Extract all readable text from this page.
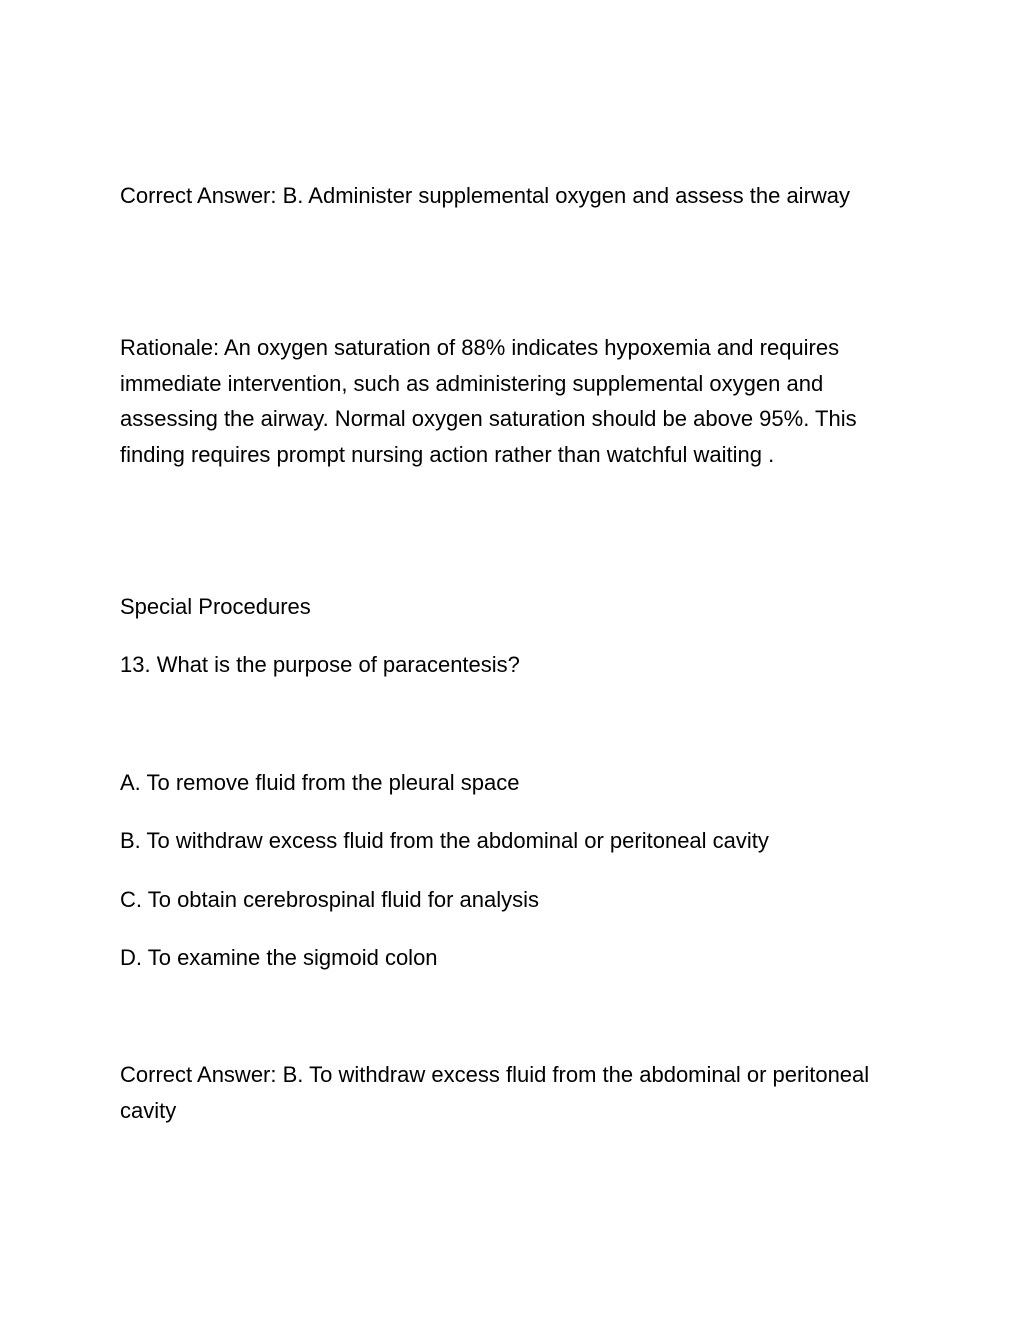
Correct Answer: B. Administer supplemental oxygen and assess the airway

Rationale: An oxygen saturation of 88% indicates hypoxemia and requires immediate intervention, such as administering supplemental oxygen and assessing the airway. Normal oxygen saturation should be above 95%. This finding requires prompt nursing action rather than watchful waiting .

Special Procedures

13. What is the purpose of paracentesis?

A. To remove fluid from the pleural space

B. To withdraw excess fluid from the abdominal or peritoneal cavity

C. To obtain cerebrospinal fluid for analysis

D. To examine the sigmoid colon

Correct Answer: B. To withdraw excess fluid from the abdominal or peritoneal cavity
